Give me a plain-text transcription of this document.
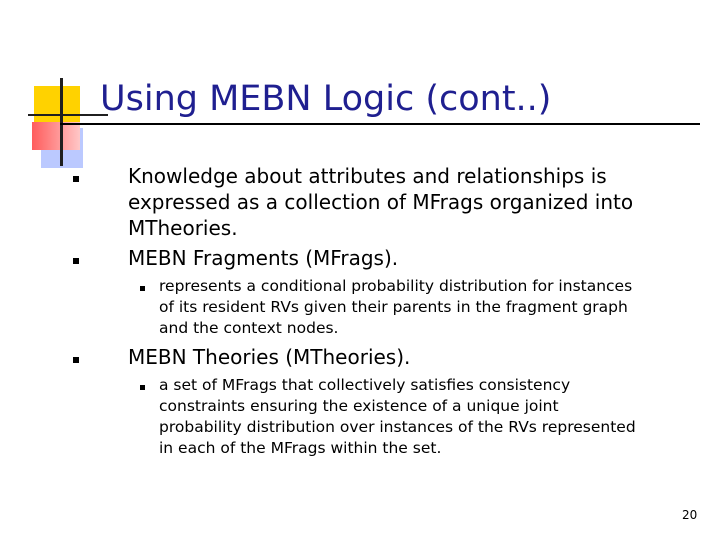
Using MEBN Logic (cont..)
Knowledge about attributes and relationships is
expressed as a collection of MFrags organized into
MTheories.
MEBN Fragments (MFrags).
represents a conditional probability distribution for instances
of its resident RVs given their parents in the fragment graph
and the context nodes.
MEBN Theories (MTheories).
a set of MFrags that collectively satisfies consistency
constraints ensuring the existence of a unique joint
probability distribution over instances of the RVs represented
in each of the MFrags within the set.
20
